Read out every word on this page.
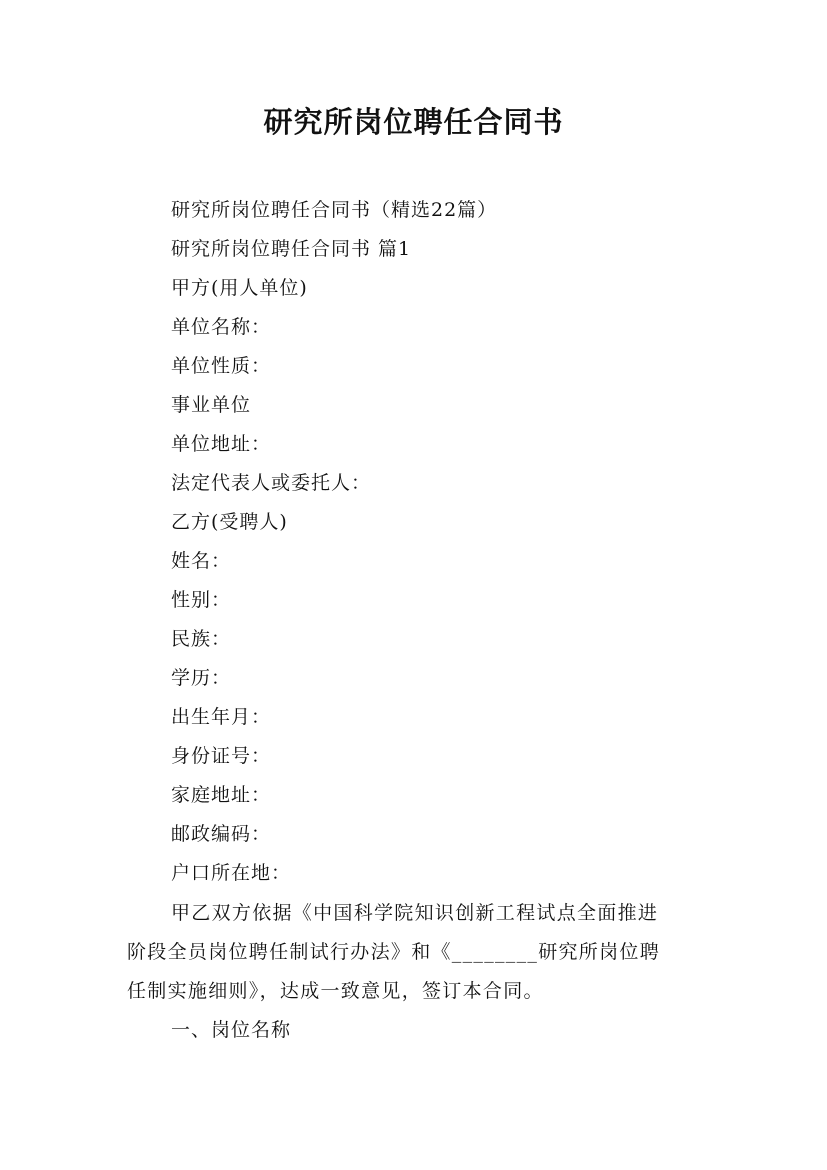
研究所岗位聘任合同书
研究所岗位聘任合同书（精选22篇）
研究所岗位聘任合同书 篇1
甲方(用人单位)
单位名称：
单位性质：
事业单位
单位地址：
法定代表人或委托人：
乙方(受聘人)
姓名：
性别：
民族：
学历：
出生年月：
身份证号：
家庭地址：
邮政编码：
户口所在地：
甲乙双方依据《中国科学院知识创新工程试点全面推进
阶段全员岗位聘任制试行办法》和《________研究所岗位聘
任制实施细则》，达成一致意见，签订本合同。
一、岗位名称
